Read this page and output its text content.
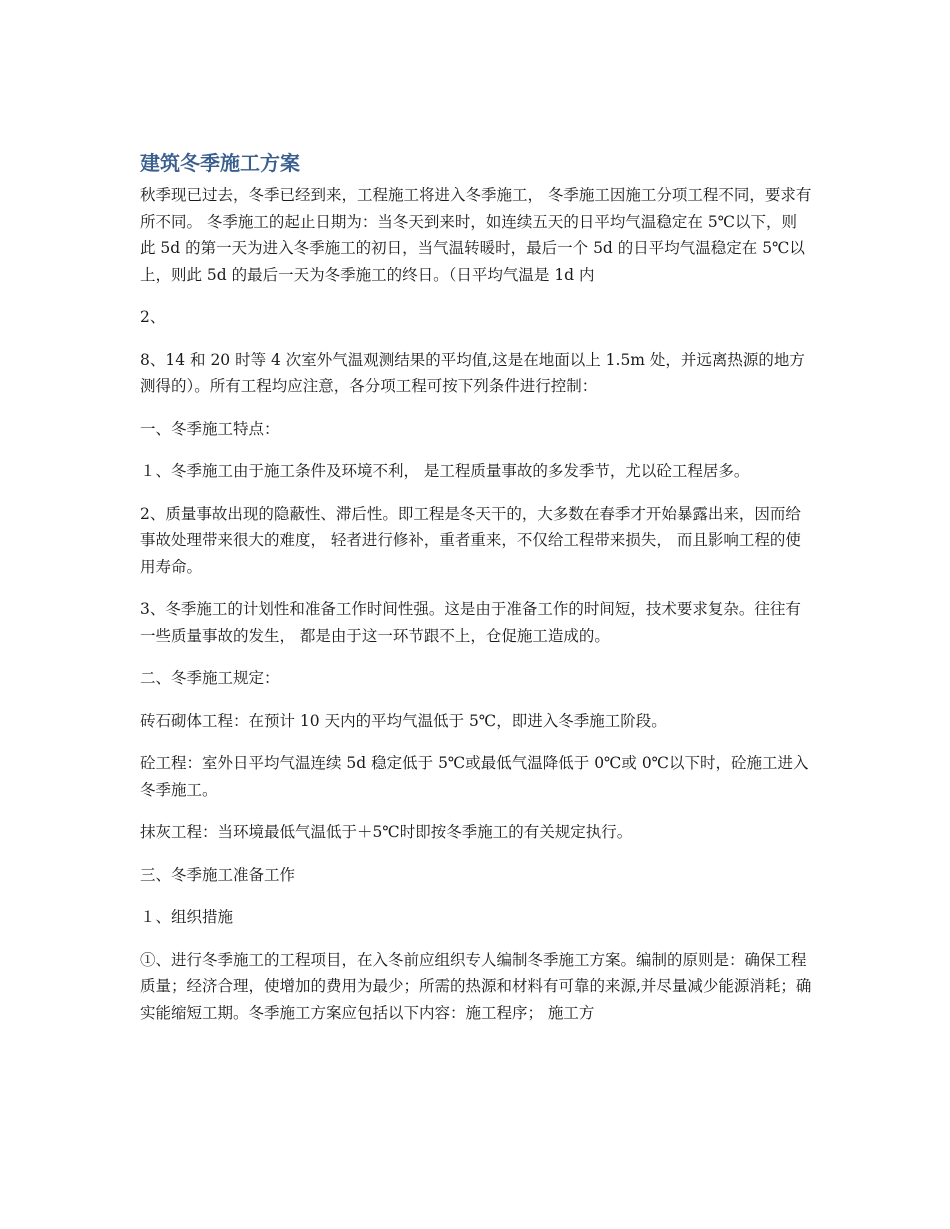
建筑冬季施工方案

秋季现已过去，冬季已经到来，工程施工将进入冬季施工， 冬季施工因施工分项工程不同，要求有所不同。 冬季施工的起止日期为：当冬天到来时，如连续五天的日平均气温稳定在 5℃以下，则此 5d 的第一天为进入冬季施工的初日，当气温转暖时，最后一个 5d 的日平均气温稳定在 5℃以上，则此 5d 的最后一天为冬季施工的终日。（日平均气温是 1d 内

2、

8、14 和 20 时等 4 次室外气温观测结果的平均值,这是在地面以上 1.5m 处，并远离热源的地方测得的）。所有工程均应注意，各分项工程可按下列条件进行控制：

一、冬季施工特点：

１、冬季施工由于施工条件及环境不利， 是工程质量事故的多发季节，尤以砼工程居多。

2、质量事故出现的隐蔽性、滞后性。即工程是冬天干的，大多数在春季才开始暴露出来，因而给事故处理带来很大的难度， 轻者进行修补，重者重来，不仅给工程带来损失， 而且影响工程的使用寿命。

3、冬季施工的计划性和准备工作时间性强。这是由于准备工作的时间短，技术要求复杂。往往有一些质量事故的发生， 都是由于这一环节跟不上，仓促施工造成的。

二、冬季施工规定：

砖石砌体工程：在预计 10 天内的平均气温低于 5℃，即进入冬季施工阶段。

砼工程：室外日平均气温连续 5d 稳定低于 5℃或最低气温降低于 0℃或 0℃以下时，砼施工进入冬季施工。

抹灰工程：当环境最低气温低于＋5℃时即按冬季施工的有关规定执行。

三、冬季施工准备工作

１、组织措施

①、进行冬季施工的工程项目，在入冬前应组织专人编制冬季施工方案。编制的原则是：确保工程质量；经济合理，使增加的费用为最少；所需的热源和材料有可靠的来源,并尽量减少能源消耗；确实能缩短工期。冬季施工方案应包括以下内容：施工程序； 施工方
